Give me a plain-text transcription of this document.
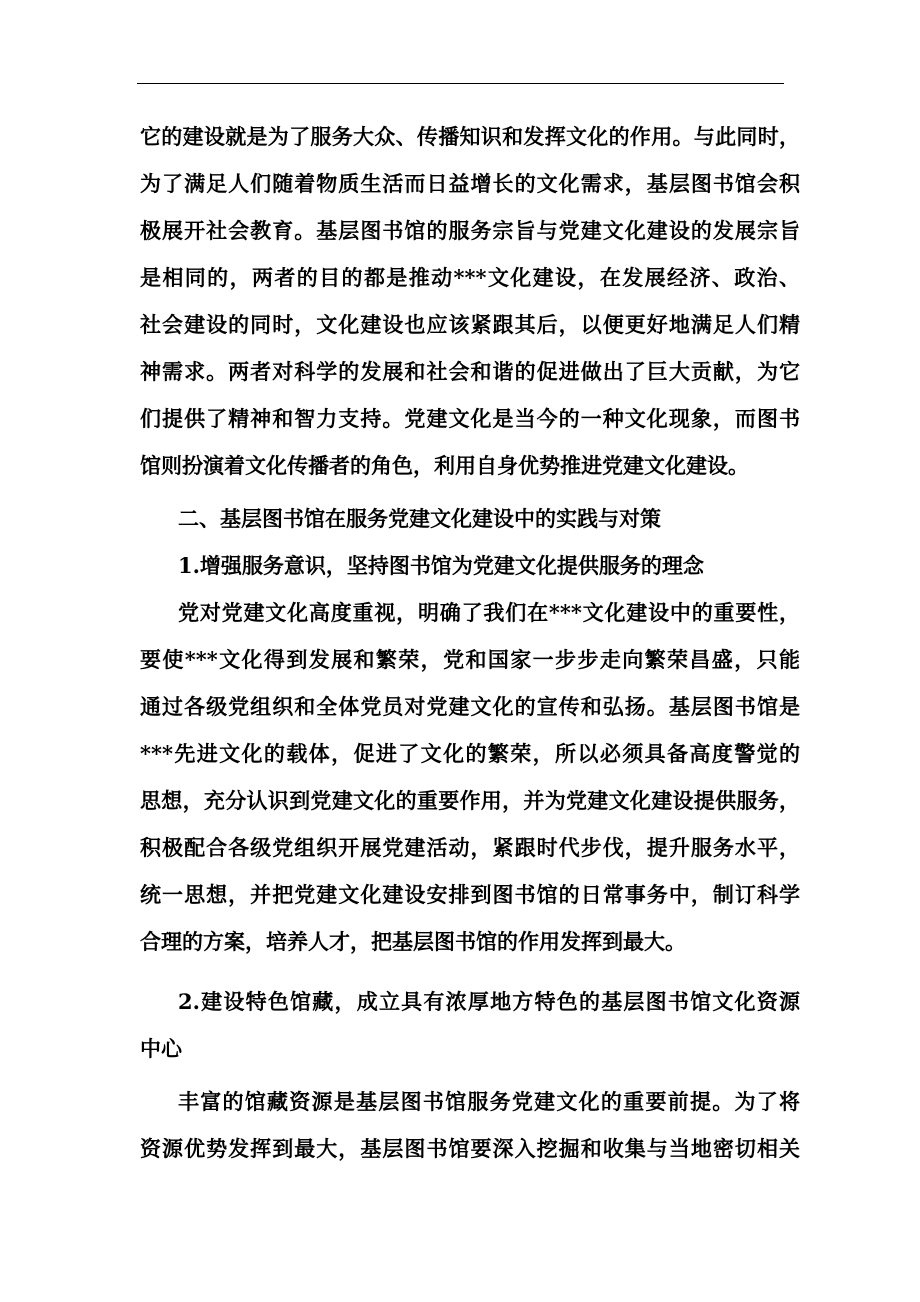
它的建设就是为了服务大众、传播知识和发挥文化的作用。与此同时，
为了满足人们随着物质生活而日益增长的文化需求，基层图书馆会积
极展开社会教育。基层图书馆的服务宗旨与党建文化建设的发展宗旨
是相同的，两者的目的都是推动***文化建设，在发展经济、政治、
社会建设的同时，文化建设也应该紧跟其后，以便更好地满足人们精
神需求。两者对科学的发展和社会和谐的促进做出了巨大贡献，为它
们提供了精神和智力支持。党建文化是当今的一种文化现象，而图书
馆则扮演着文化传播者的角色，利用自身优势推进党建文化建设。
二、基层图书馆在服务党建文化建设中的实践与对策
1.增强服务意识，坚持图书馆为党建文化提供服务的理念
党对党建文化高度重视，明确了我们在***文化建设中的重要性，
要使***文化得到发展和繁荣，党和国家一步步走向繁荣昌盛，只能
通过各级党组织和全体党员对党建文化的宣传和弘扬。基层图书馆是
***先进文化的载体，促进了文化的繁荣，所以必须具备高度警觉的
思想，充分认识到党建文化的重要作用，并为党建文化建设提供服务，
积极配合各级党组织开展党建活动，紧跟时代步伐，提升服务水平，
统一思想，并把党建文化建设安排到图书馆的日常事务中，制订科学
合理的方案，培养人才，把基层图书馆的作用发挥到最大。
2.建设特色馆藏，成立具有浓厚地方特色的基层图书馆文化资源
中心
丰富的馆藏资源是基层图书馆服务党建文化的重要前提。为了将
资源优势发挥到最大，基层图书馆要深入挖掘和收集与当地密切相关
